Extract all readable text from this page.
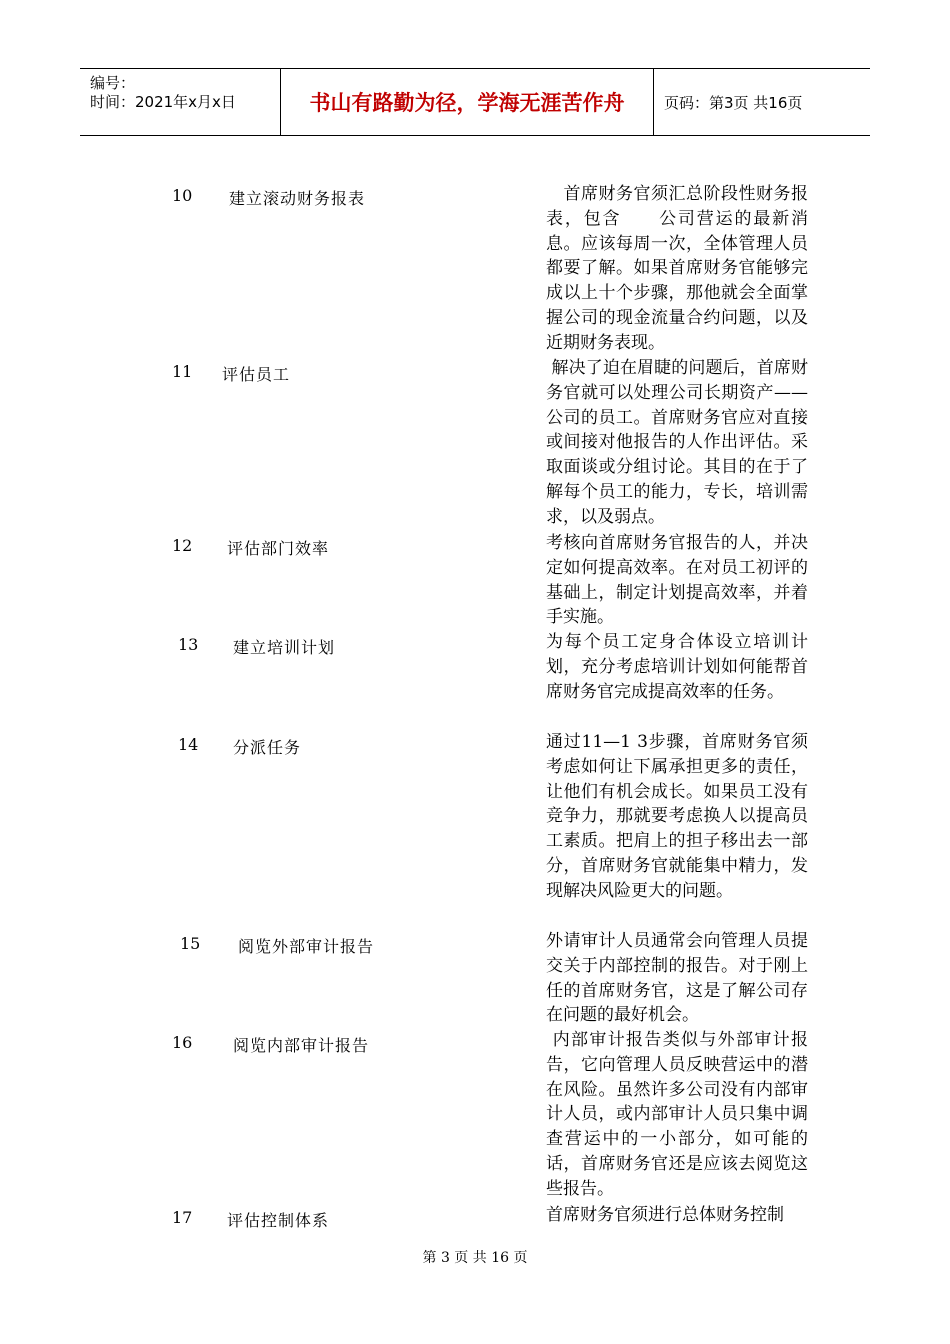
编号：
时间：2021年x月x日	书山有路勤为径，学海无涯苦作舟	页码：第3页 共16页
10 建立滚动财务报表	　首席财务官须汇总阶段性财务报表，包含　　公司营运的最新消息。应该每周一次，全体管理人员都要了解。如果首席财务官能够完成以上十个步骤，那他就会全面掌握公司的现金流量合约问题，以及近期财务表现。
11 评估员工	解决了迫在眉睫的问题后，首席财务官就可以处理公司长期资产——公司的员工。首席财务官应对直接或间接对他报告的人作出评估。采取面谈或分组讨论。其目的在于了解每个员工的能力，专长，培训需求，以及弱点。
12 评估部门效率	考核向首席财务官报告的人，并决定如何提高效率。在对员工初评的基础上，制定计划提高效率，并着手实施。
13 建立培训计划	为每个员工定身合体设立培训计划，充分考虑培训计划如何能帮首席财务官完成提高效率的任务。
14 分派任务	通过11—1 3步骤，首席财务官须考虑如何让下属承担更多的责任，让他们有机会成长。如果员工没有竞争力，那就要考虑换人以提高员工素质。把肩上的担子移出去一部分，首席财务官就能集中精力，发现解决风险更大的问题。
15 阅览外部审计报告	外请审计人员通常会向管理人员提交关于内部控制的报告。对于刚上任的首席财务官，这是了解公司存在问题的最好机会。
16	阅览内部审计报告	内部审计报告类似与外部审计报告，它向管理人员反映营运中的潜在风险。虽然许多公司没有内部审计人员，或内部审计人员只集中调查营运中的一小部分，如可能的话，首席财务官还是应该去阅览这些报告。
17 评估控制体系	首席财务官须进行总体财务控制
第 3 页 共 16 页
